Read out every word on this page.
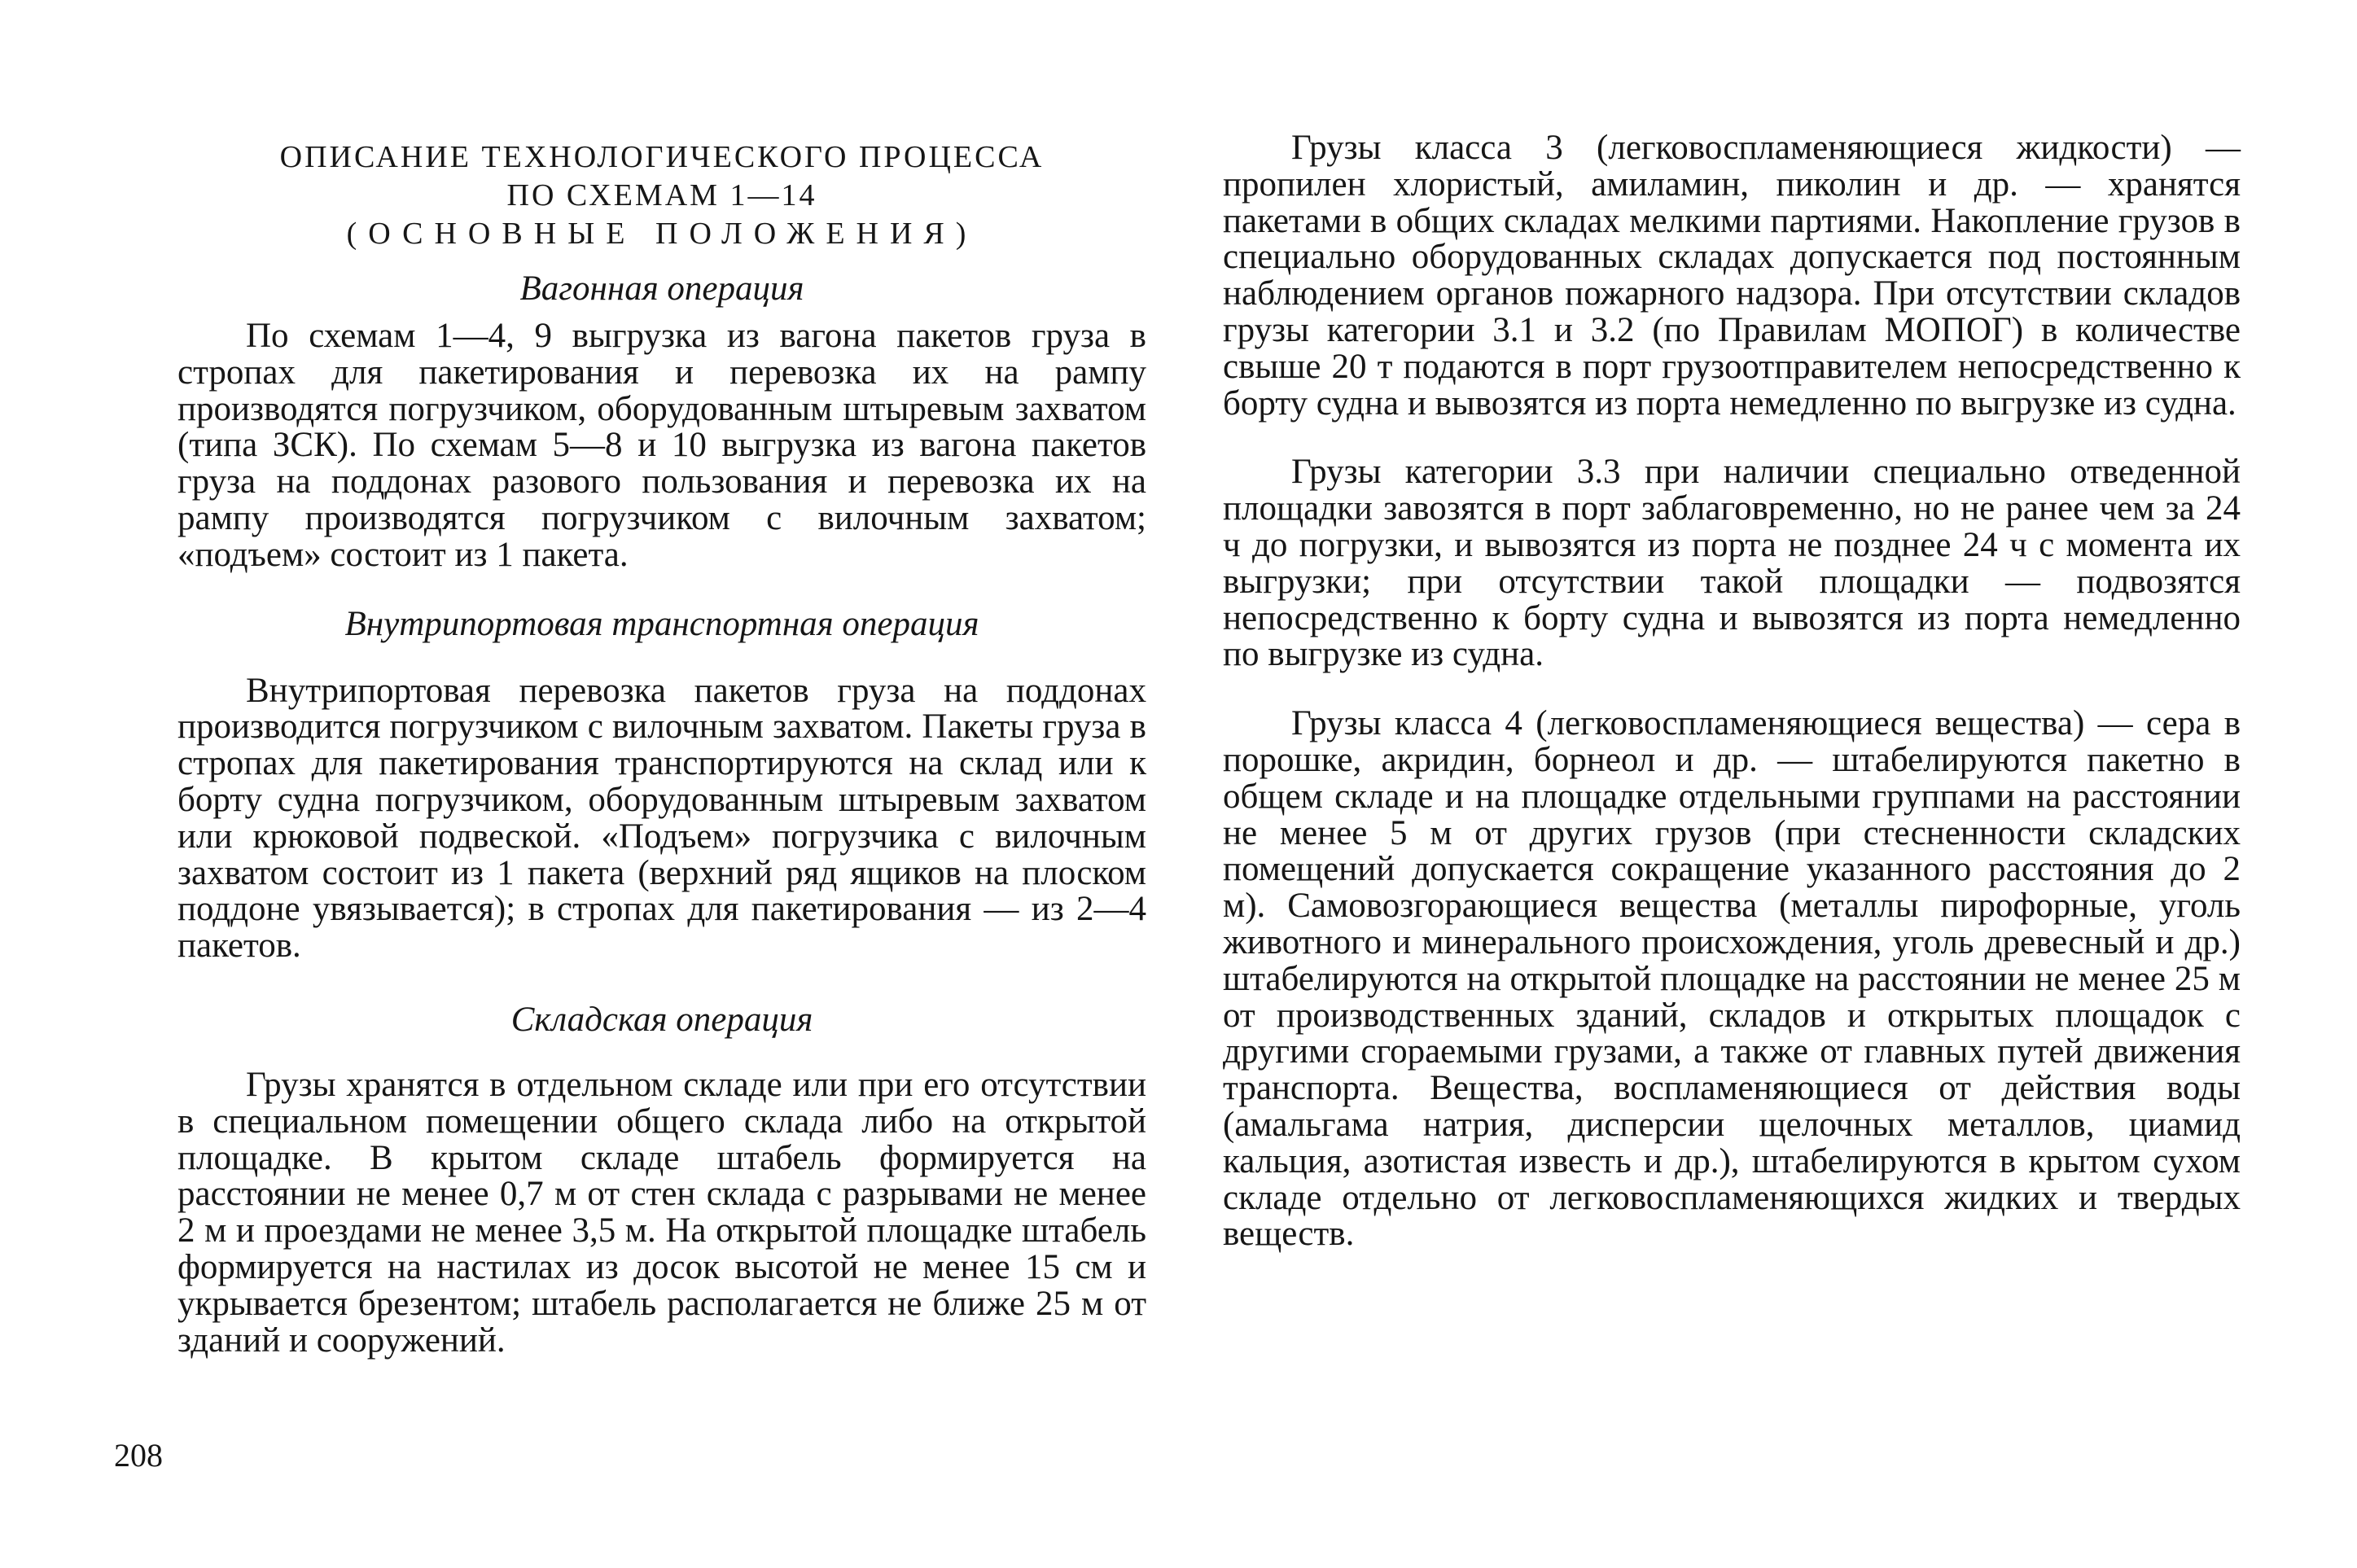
ОПИСАНИЕ ТЕХНОЛОГИЧЕСКОГО ПРОЦЕССА
ПО СХЕМАМ 1—14
(ОСНОВНЫЕ ПОЛОЖЕНИЯ)
Вагонная операция

По схемам 1—4, 9 выгрузка из вагона пакетов груза в стропах для пакетирования и перевозка их на рампу производятся погрузчиком, оборудованным штыревым захватом (типа ЗСК). По схемам 5—8 и 10 выгрузка из вагона пакетов груза на поддонах разового пользования и перевозка их на рампу производятся погрузчиком с вилочным захватом; «подъем» состоит из 1 пакета.

Внутрипортовая транспортная операция

Внутрипортовая перевозка пакетов груза на поддонах производится погрузчиком с вилочным захватом. Пакеты груза в стропах для пакетирования транспортируются на склад или к борту судна погрузчиком, оборудованным штыревым захватом или крюковой подвеской. «Подъем» погрузчика с вилочным захватом состоит из 1 пакета (верхний ряд ящиков на плоском поддоне увязывается); в стропах для пакетирования — из 2—4 пакетов.

Складская операция

Грузы хранятся в отдельном складе или при его отсутствии в специальном помещении общего склада либо на открытой площадке. В крытом складе штабель формируется на расстоянии не менее 0,7 м от стен склада с разрывами не менее 2 м и проездами не менее 3,5 м. На открытой площадке штабель формируется на настилах из досок высотой не менее 15 см и укрывается брезентом; штабель располагается не ближе 25 м от зданий и сооружений.

Грузы класса 3 (легковоспламеняющиеся жидкости) — пропилен хлористый, амиламин, пиколин и др. — хранятся пакетами в общих складах мелкими партиями. Накопление грузов в специально оборудованных складах допускается под постоянным наблюдением органов пожарного надзора. При отсутствии складов грузы категории 3.1 и 3.2 (по Правилам МОПОГ) в количестве свыше 20 т подаются в порт грузоотправителем непосредственно к борту судна и вывозятся из порта немедленно по выгрузке из судна.

Грузы категории 3.3 при наличии специально отведенной площадки завозятся в порт заблаговременно, но не ранее чем за 24 ч до погрузки, и вывозятся из порта не позднее 24 ч с момента их выгрузки; при отсутствии такой площадки — подвозятся непосредственно к борту судна и вывозятся из порта немедленно по выгрузке из судна.

Грузы класса 4 (легковоспламеняющиеся вещества) — сера в порошке, акридин, борнеол и др. — штабелируются пакетно в общем складе и на площадке отдельными группами на расстоянии не менее 5 м от других грузов (при стесненности складских помещений допускается сокращение указанного расстояния до 2 м). Самовозгорающиеся вещества (металлы пирофорные, уголь животного и минерального происхождения, уголь древесный и др.) штабелируются на открытой площадке на расстоянии не менее 25 м от производственных зданий, складов и открытых площадок с другими сгораемыми грузами, а также от главных путей движения транспорта. Вещества, воспламеняющиеся от действия воды (амальгама натрия, дисперсии щелочных металлов, циамид кальция, азотистая известь и др.), штабелируются в крытом сухом складе отдельно от легковоспламеняющихся жидких и твердых веществ.

208
